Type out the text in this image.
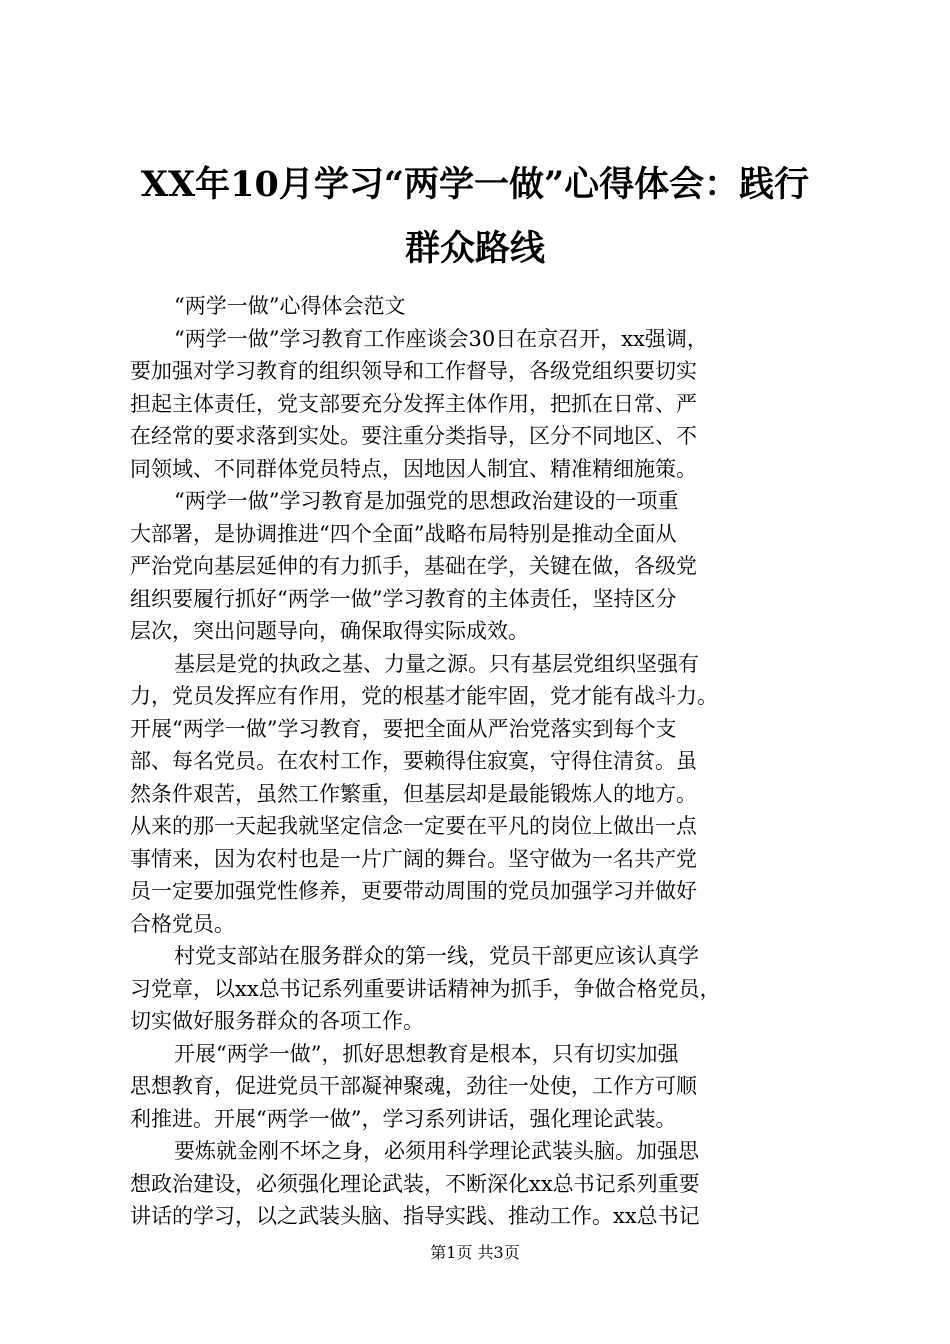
XX年10月学习“两学一做”心得体会：践行
群众路线

“两学一做”心得体会范文

“两学一做”学习教育工作座谈会30日在京召开，xx强调，

要加强对学习教育的组织领导和工作督导，各级党组织要切实

担起主体责任，党支部要充分发挥主体作用，把抓在日常、严

在经常的要求落到实处。要注重分类指导，区分不同地区、不

同领域、不同群体党员特点，因地因人制宜、精准精细施策。

“两学一做”学习教育是加强党的思想政治建设的一项重

大部署，是协调推进“四个全面”战略布局特别是推动全面从

严治党向基层延伸的有力抓手，基础在学，关键在做，各级党

组织要履行抓好“两学一做”学习教育的主体责任，坚持区分

层次，突出问题导向，确保取得实际成效。

基层是党的执政之基、力量之源。只有基层党组织坚强有

力，党员发挥应有作用，党的根基才能牢固，党才能有战斗力。

开展“两学一做”学习教育，要把全面从严治党落实到每个支

部、每名党员。在农村工作，要赖得住寂寞，守得住清贫。虽

然条件艰苦，虽然工作繁重，但基层却是最能锻炼人的地方。

从来的那一天起我就坚定信念一定要在平凡的岗位上做出一点

事情来，因为农村也是一片广阔的舞台。坚守做为一名共产党

员一定要加强党性修养，更要带动周围的党员加强学习并做好

合格党员。

村党支部站在服务群众的第一线，党员干部更应该认真学

习党章，以xx总书记系列重要讲话精神为抓手，争做合格党员，

切实做好服务群众的各项工作。

开展“两学一做”，抓好思想教育是根本，只有切实加强

思想教育，促进党员干部凝神聚魂，劲往一处使，工作方可顺

利推进。开展“两学一做”，学习系列讲话，强化理论武装。

要炼就金刚不坏之身，必须用科学理论武装头脑。加强思

想政治建设，必须强化理论武装，不断深化xx总书记系列重要

讲话的学习，以之武装头脑、指导实践、推动工作。xx总书记

第1页 共3页
